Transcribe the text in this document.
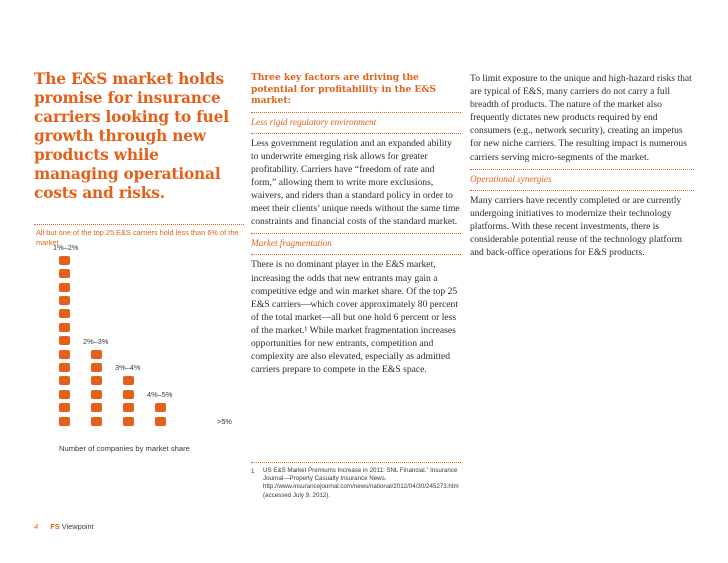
The E&S market holds promise for insurance carriers looking to fuel growth through new products while managing operational costs and risks.
All but one of the top 25 E&S carriers hold less than 6% of the market
1%–2%
2%–3%
3%–4%
4%–5%
>5%
Number of companies by market share
Three key factors are driving the potential for profitability in the E&S market:
Less rigid regulatory environment

Less government regulation and an expanded ability to underwrite emerging risk allows for greater profitability. Carriers have “freedom of rate and form,” allowing them to write more exclusions, waivers, and riders than a standard policy in order to meet their clients’ unique needs without the same time constraints and financial costs of the standard market.

Market fragmentation

There is no dominant player in the E&S market, increasing the odds that new entrants may gain a competitive edge and win market share. Of the top 25 E&S carriers—which cover approximately 80 percent of the total market—all but one hold 6 percent or less of the market.¹ While market fragmentation increases opportunities for new entrants, competition and complexity are also elevated, especially as admitted carriers prepare to compete in the E&S space.

To limit exposure to the unique and high-hazard risks that are typical of E&S, many carriers do not carry a full breadth of products. The nature of the market also frequently dictates new products required by end consumers (e.g., network security), creating an impetus for new niche carriers. The resulting impact is numerous carriers serving micro-segments of the market.

Operational synergies

Many carriers have recently completed or are currently undergoing initiatives to modernize their technology platforms. With these recent investments, there is considerable potential reuse of the technology platform and back-office operations for E&S products.

1	US E&S Market Premiums Increase in 2011: SNL Financial.” Insurance Journal—Property Casualty Insurance News. http://www.insurancejournal.com/news/national/2012/04/30/245273.htm (accessed July 9, 2012).
4 FS Viewpoint
